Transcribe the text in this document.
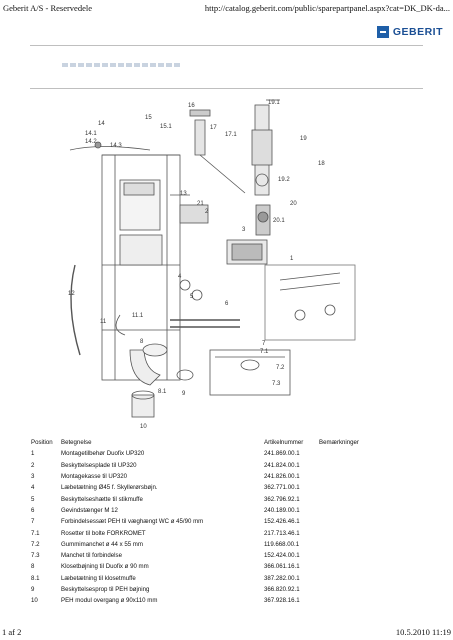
Geberit A/S - Reservedele	http://catalog.geberit.com/public/sparepartpanel.aspx?cat=DK_DK-da...
GEBERIT
19.1
16
15
15.1
14
14.1
14.2
14.3
17
17.1
19
18
19.2
20
20.1
13
21
2
3
1
12
4
5
6
11
11.1
7
7.1
7.2
7.3
8
8.1	9
10
Position	Betegnelse	Artikelnummer	Bemærkninger
1	Montagetilbehør Duofix UP320	241.869.00.1	
2	Beskyttelsesplade til UP320	241.824.00.1	
3	Montagekasse til UP320	241.826.00.1	
4	Læbetætning Ø45 f. Skyllerørsbøjn.	362.771.00.1	
5	Beskyttelseshætte til stikmuffe	362.796.92.1	
6	Gevindstænger M 12	240.189.00.1	
7	Forbindelsessæt PEH til væghængt WC ø 45/90 mm	152.426.46.1	
7.1	Rosetter til bolte FORKROMET	217.713.46.1	
7.2	Gummimanchet ø 44 x 55 mm	119.668.00.1	
7.3	Manchet til forbindelse	152.424.00.1	
8	Klosetbøjning til Duofix ø 90 mm	366.061.16.1	
8.1	Læbetætning til klosetmuffe	387.282.00.1	
9	Beskyttelsesprop til PEH bøjning	366.820.92.1	
10	PEH modul overgang ø 90x110 mm	367.928.16.1	
1 af 2	10.5.2010 11:19
